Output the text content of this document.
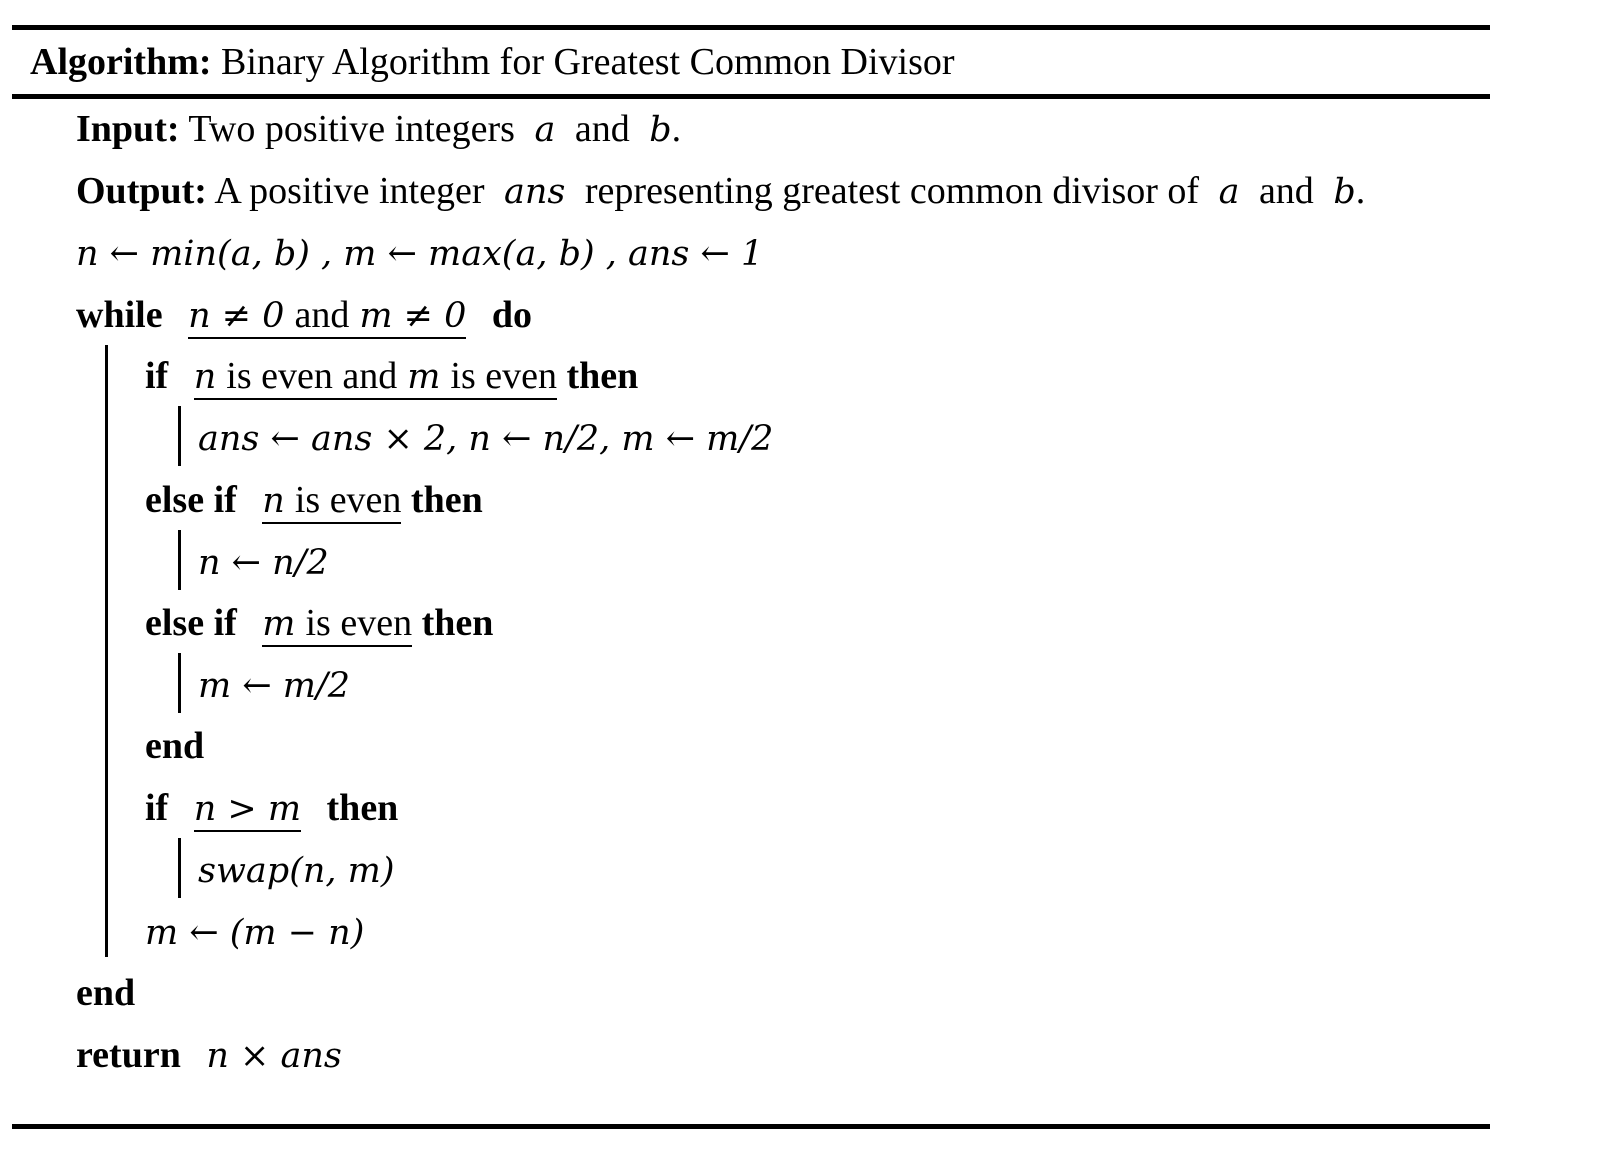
Algorithm: Binary Algorithm for Greatest Common Divisor
Input: Two positive integers a and b.
Output: A positive integer ans representing greatest common divisor of a and b.
n ← min(a, b) , m ← max(a, b) , ans ← 1
while n ≠ 0 and m ≠ 0 do
if n is even and m is even then
ans ← ans × 2, n ← n/2, m ← m/2
else if n is even then
n ← n/2
else if m is even then
m ← m/2
end
if n > m then
swap(n, m)
m ← (m − n)
end
return n × ans
